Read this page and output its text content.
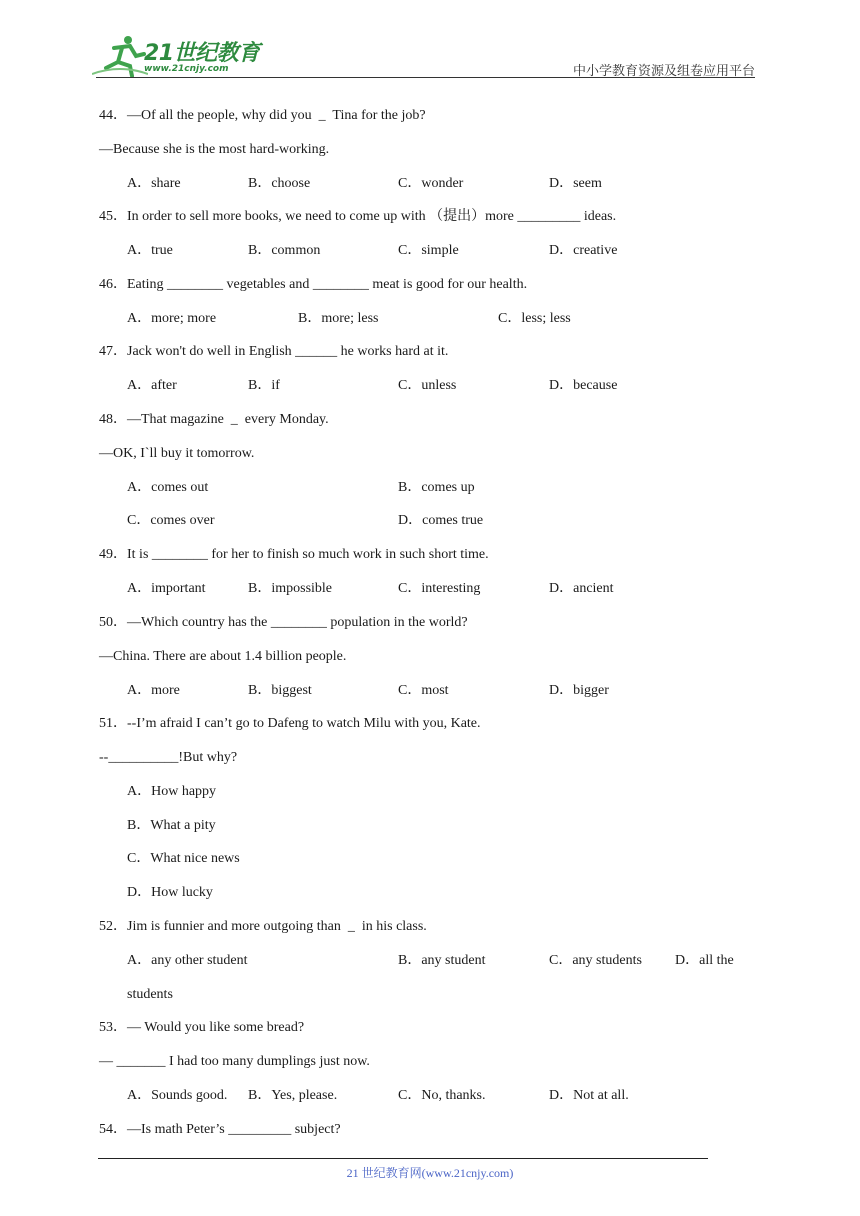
21世纪教育
www.21cnjy.com	中小学教育资源及组卷应用平台
44．—Of all the people, why did you  _  Tina for the job?
—Because she is the most hard-working.
A．share	B．choose	C．wonder	D．seem
45．In order to sell more books, we need to come up with （提出）more _________ ideas.
A．true	B．common	C．simple	D．creative
46．Eating ________ vegetables and ________ meat is good for our health.
A．more; more	B．more; less	C．less; less
47．Jack won't do well in English ______ he works hard at it.
A．after	B．if	C．unless	D．because
48．—That magazine  _  every Monday.
—OK, I`ll buy it tomorrow.
A．comes out	B．comes up
C．comes over	D．comes true
49．It is ________ for her to finish so much work in such short time.
A．important	B．impossible	C．interesting	D．ancient
50．—Which country has the ________ population in the world?
—China. There are about 1.4 billion people.
A．more	B．biggest	C．most	D．bigger
51．--I’m afraid I can’t go to Dafeng to watch Milu with you, Kate.
--__________!But why?
A．How happy
B．What a pity
C．What nice news
D．How lucky
52．Jim is funnier and more outgoing than  _  in his class.
A．any other student	B．any student	C．any students D．all the
students
53．— Would you like some bread?
— _______ I had too many dumplings just now.
A．Sounds good. B．Yes, please.	C．No, thanks.	D．Not at all.
54．—Is math Peter’s _________ subject?
21 世纪教育网(www.21cnjy.com)
